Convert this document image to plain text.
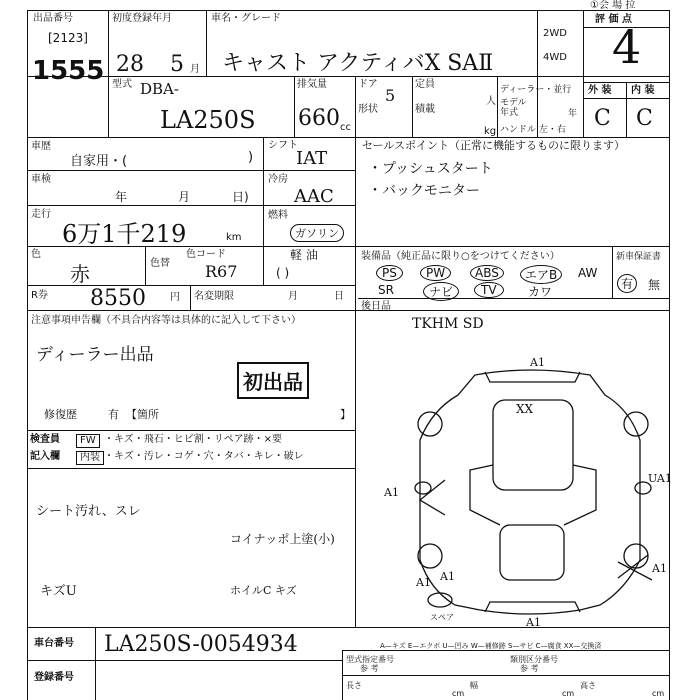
出品番号
[2123]
1555
初度登録年月
28 5 月
車名・グレード
キャスト アクティバX SAⅡ
2WD
4WD
①会 場 拉
評 価 点
4
型式 DBA-
LA250S
排気量
660 cc
ドア
5
形状
定員
人
積載
kg
ディーラー・並行
モデル年式	年
ハンドル 左・右
外 装 内 装
C C
車歴
自家用・(	)
車検
年	月	日)
走行
6万1千219	km
色
赤	色替
色コード
R67
R券 8550 円 名変期限	月	日
シフト
IAT
冷房
AAC
燃料
ガソリン
軽 油
( )
セールスポイント（正常に機能するものに限ります）
・プッシュスタート
・バックモニター
装備品（純正品に限り○をつけてください）
PS	PW	ABS	エアB	AW
SR	ナビ	TV	カワ
新車保証書
有	無
後日品
TKHM SD
注意事項申告欄（不具合内容等は具体的に記入して下さい）
ディーラー出品
初出品
修復歴	有 【箇所	】
検査員
記入欄
FW ・キズ・飛石・ヒビ割・リペア跡・×要
内装 ・キズ・汚レ・コゲ・穴・タバ・キレ・破レ
シート汚れ、スレ
コイナッポ上塗(小)
キズU	ホイルC キズ
A1
XX
A1
UA1
A1
A1
A1
A1
スペア
車台番号 LA250S-0054934
登録番号
A—キズ E—エクボ U—凹み W—補修跡 S—サビ C—腐食 XX—交換済
型式指定番号
参 考
類別区分番号
参 考
長さ	幅	高さ
cm	cm	cm
